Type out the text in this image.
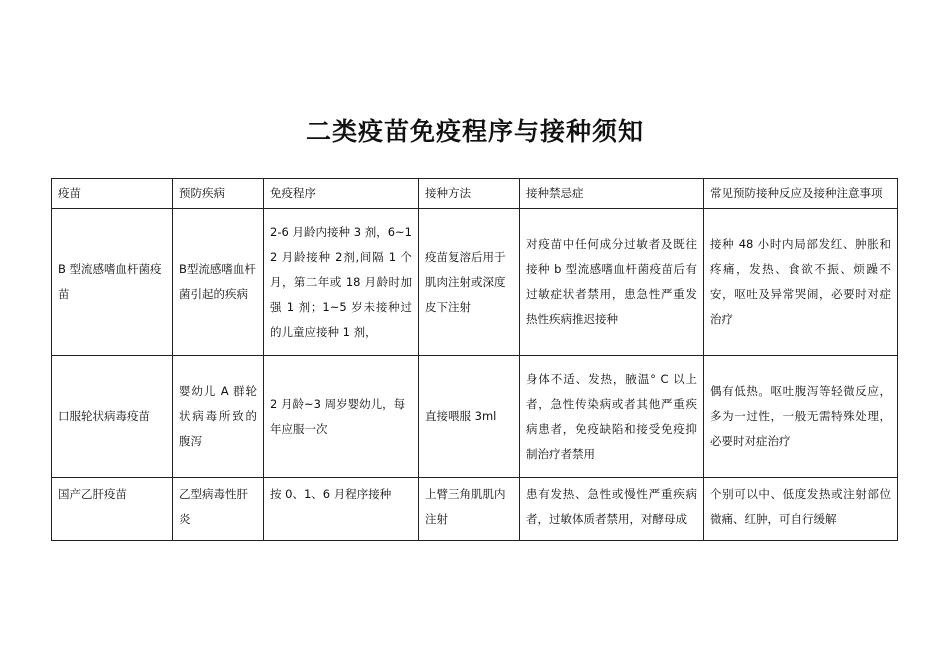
二类疫苗免疫程序与接种须知
疫苗	预防疾病	免疫程序	接种方法	接种禁忌症	常见预防接种反应及接种注意事项
B 型流感嗜血杆菌疫苗	B型流感嗜血杆菌引起的疾病	2-6 月龄内接种 3 剂，6~12 月龄接种 2剂,间隔 1 个月，第二年或 18 月龄时加强 1 剂；1~5 岁未接种过的儿童应接种 1 剂，	疫苗复溶后用于肌肉注射或深度皮下注射	对疫苗中任何成分过敏者及既往接种 b 型流感嗜血杆菌疫苗后有过敏症状者禁用，患急性严重发热性疾病推迟接种	接种 48 小时内局部发红、肿胀和疼痛，发热、食欲不振、烦躁不安，呕吐及异常哭闹，必要时对症治疗
口服轮状病毒疫苗	婴幼儿 A 群轮状病毒所致的腹泻	2 月龄~3 周岁婴幼儿，每年应服一次	直接喂服 3ml	身体不适、发热，腋温° C 以上者，急性传染病或者其他严重疾病患者，免疫缺陷和接受免疫抑制治疗者禁用	偶有低热。呕吐腹泻等轻微反应，多为一过性，一般无需特殊处理，必要时对症治疗
国产乙肝疫苗	乙型病毒性肝炎	按 0、1、6 月程序接种	上臂三角肌肌内注射	患有发热、急性或慢性严重疾病者，过敏体质者禁用，对酵母成	个别可以中、低度发热或注射部位微痛、红肿，可自行缓解
